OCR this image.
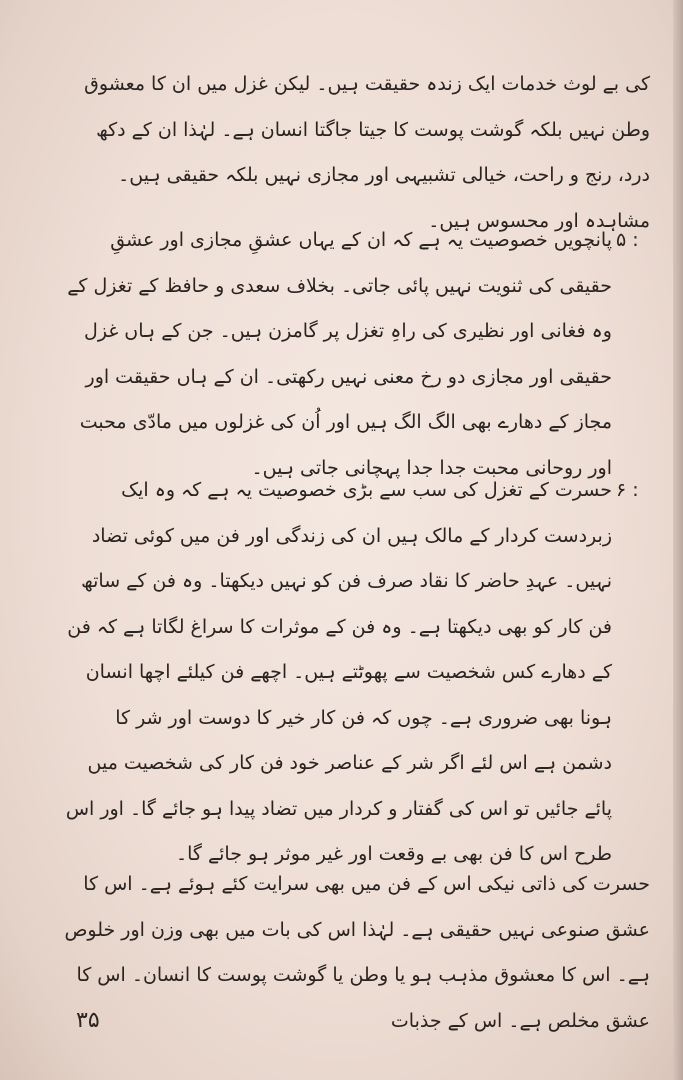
کی بے لوث خدمات ایک زندہ حقیقت ہیں۔ لیکن غزل میں ان کا معشوق وطن نہیں بلکہ گوشت پوست کا جیتا جاگتا انسان ہے۔ لہٰذا ان کے دکھ درد، رنج و راحت، خیالی تشبیہی اور مجازی نہیں بلکہ حقیقی ہیں۔ مشاہدہ اور محسوس ہیں۔

۵ :

پانچویں خصوصیت یہ ہے کہ ان کے یہاں عشقِ مجازی اور عشقِ حقیقی کی ثنویت نہیں پائی جاتی۔ بخلاف سعدی و حافظ کے تغزل کے وہ فغانی اور نظیری کی راہِ تغزل پر گامزن ہیں۔ جن کے ہاں غزل حقیقی اور مجازی دو رخ معنی نہیں رکھتی۔ ان کے ہاں حقیقت اور مجاز کے دھارے بھی الگ الگ ہیں اور اُن کی غزلوں میں مادّی محبت اور روحانی محبت جدا جدا پہچانی جاتی ہیں۔

۶ :

حسرت کے تغزل کی سب سے بڑی خصوصیت یہ ہے کہ وہ ایک زبردست کردار کے مالک ہیں ان کی زندگی اور فن میں کوئی تضاد نہیں۔ عہدِ حاضر کا نقاد صرف فن کو نہیں دیکھتا۔ وہ فن کے ساتھ فن کار کو بھی دیکھتا ہے۔ وہ فن کے موثرات کا سراغ لگاتا ہے کہ فن کے دھارے کس شخصیت سے پھوٹتے ہیں۔ اچھے فن کیلئے اچھا انسان ہونا بھی ضروری ہے۔ چوں کہ فن کار خیر کا دوست اور شر کا دشمن ہے اس لئے اگر شر کے عناصر خود فن کار کی شخصیت میں پائے جائیں تو اس کی گفتار و کردار میں تضاد پیدا ہو جائے گا۔ اور اس طرح اس کا فن بھی بے وقعت اور غیر موثر ہو جائے گا۔

حسرت کی ذاتی نیکی اس کے فن میں بھی سرایت کئے ہوئے ہے۔ اس کا عشق صنوعی نہیں حقیقی ہے۔ لہٰذا اس کی بات میں بھی وزن اور خلوص ہے۔ اس کا معشوق مذہب ہو یا وطن یا گوشت پوست کا انسان۔ اس کا عشق مخلص ہے۔ اس کے جذبات

۳۵
